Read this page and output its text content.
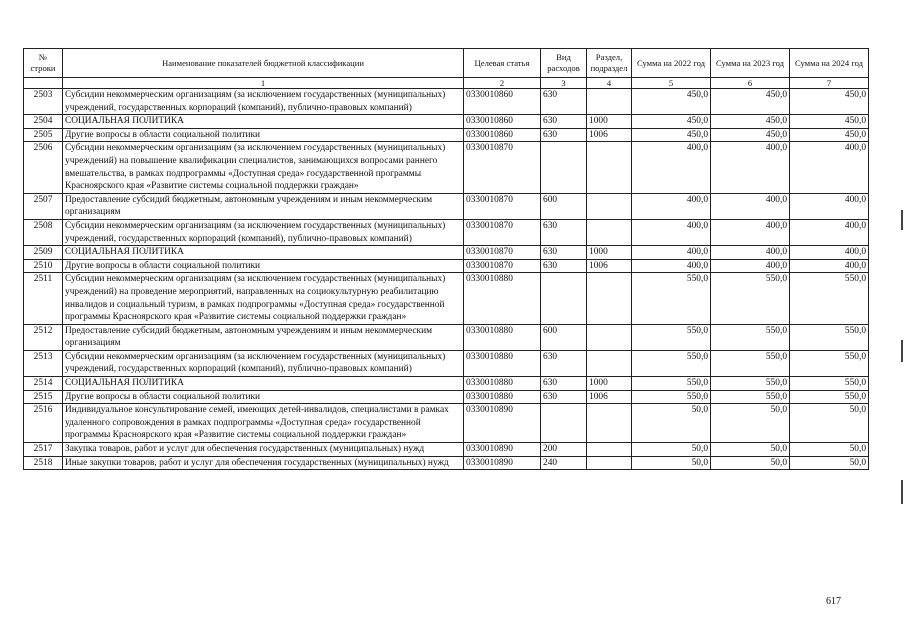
№ строки	Наименование показателей бюджетной классификации	Целевая статья	Вид расходов	Раздел, подраздел	Сумма на 2022 год	Сумма на 2023 год	Сумма на 2024 год
	1	2	3	4	5	6	7
2503	Субсидии некоммерческим организациям (за исключением государственных (муниципальных) учреждений, государственных корпораций (компаний), публично-правовых компаний)	0330010860	630		450,0	450,0	450,0
2504	СОЦИАЛЬНАЯ ПОЛИТИКА	0330010860	630	1000	450,0	450,0	450,0
2505	Другие вопросы в области социальной политики	0330010860	630	1006	450,0	450,0	450,0
2506	Субсидии некоммерческим организациям (за исключением государственных (муниципальных) учреждений) на повышение квалификации специалистов, занимающихся вопросами раннего вмешательства, в рамках подпрограммы «Доступная среда» государственной программы Красноярского края «Развитие системы социальной поддержки граждан»	0330010870			400,0	400,0	400,0
2507	Предоставление субсидий бюджетным, автономным учреждениям и иным некоммерческим организациям	0330010870	600		400,0	400,0	400,0
2508	Субсидии некоммерческим организациям (за исключением государственных (муниципальных) учреждений, государственных корпораций (компаний), публично-правовых компаний)	0330010870	630		400,0	400,0	400,0
2509	СОЦИАЛЬНАЯ ПОЛИТИКА	0330010870	630	1000	400,0	400,0	400,0
2510	Другие вопросы в области социальной политики	0330010870	630	1006	400,0	400,0	400,0
2511	Субсидии некоммерческим организациям (за исключением государственных (муниципальных) учреждений) на проведение мероприятий, направленных на социокультурную реабилитацию инвалидов и социальный туризм, в рамках подпрограммы «Доступная среда» государственной программы Красноярского края «Развитие системы социальной поддержки граждан»	0330010880			550,0	550,0	550,0
2512	Предоставление субсидий бюджетным, автономным учреждениям и иным некоммерческим организациям	0330010880	600		550,0	550,0	550,0
2513	Субсидии некоммерческим организациям (за исключением государственных (муниципальных) учреждений, государственных корпораций (компаний), публично-правовых компаний)	0330010880	630		550,0	550,0	550,0
2514	СОЦИАЛЬНАЯ ПОЛИТИКА	0330010880	630	1000	550,0	550,0	550,0
2515	Другие вопросы в области социальной политики	0330010880	630	1006	550,0	550,0	550,0
2516	Индивидуальное консультирование семей, имеющих детей-инвалидов, специалистами в рамках удаленного сопровождения в рамках подпрограммы «Доступная среда» государственной программы Красноярского края «Развитие системы социальной поддержки граждан»	0330010890			50,0	50,0	50,0
2517	Закупка товаров, работ и услуг для обеспечения государственных (муниципальных) нужд	0330010890	200		50,0	50,0	50,0
2518	Иные закупки товаров, работ и услуг для обеспечения государственных (муниципальных) нужд	0330010890	240		50,0	50,0	50,0
617
